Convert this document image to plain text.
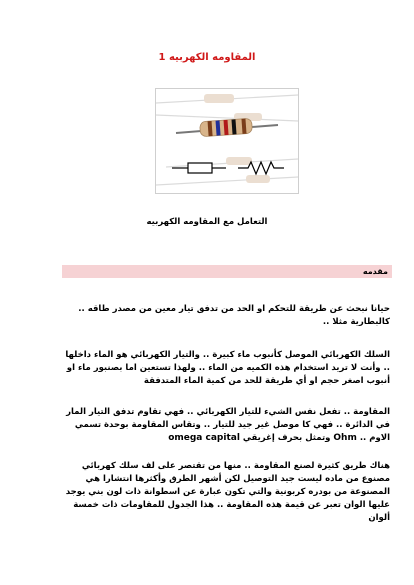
المقاومه الكهربيه 1
التعامل مع المقاومه الكهربيه
مقدمه
حيانا نبحث عن طريقة للتحكم او الحد من تدفق تيار معين من مصدر طاقه .. كالبطارية مثلا ..
السلك الكهربائي الموصل كأنبوب ماء كبيرة .. والتيار الكهربائي هو الماء داخلها .. وأنت لا تريد استخدام هذه الكميه من الماء .. ولهذا تستعين اما بصنبور ماء او أنبوب اصغر حجم او أي طريقة للحد من كمية الماء المتدفقة
المقاومة .. تفعل نفس الشيء للتيار الكهربائي .. فهي تقاوم تدفق التيار المار في الدائرة .. فهي كا موصل غير جيد للتيار .. وتقاس المقاومة بوحدة تسمي الاوم .. Ohm وتمثل بحرف إغريقي omega capital
هناك طريق كثيرة لصنع المقاومة .. منها من تقتصر على لف سلك كهربائي مصنوع من ماده ليست جيد التوصيل لكن أشهر الطرق وأكثرها انتشارا هي المصنوعة من بودره كربونية والتي تكون عبارة عن اسطوانة ذات لون بني يوجد عليها الوان تعبر عن قيمة هذه المقاومة .. هذا الجدول للمقاومات ذات خمسة ألوان
